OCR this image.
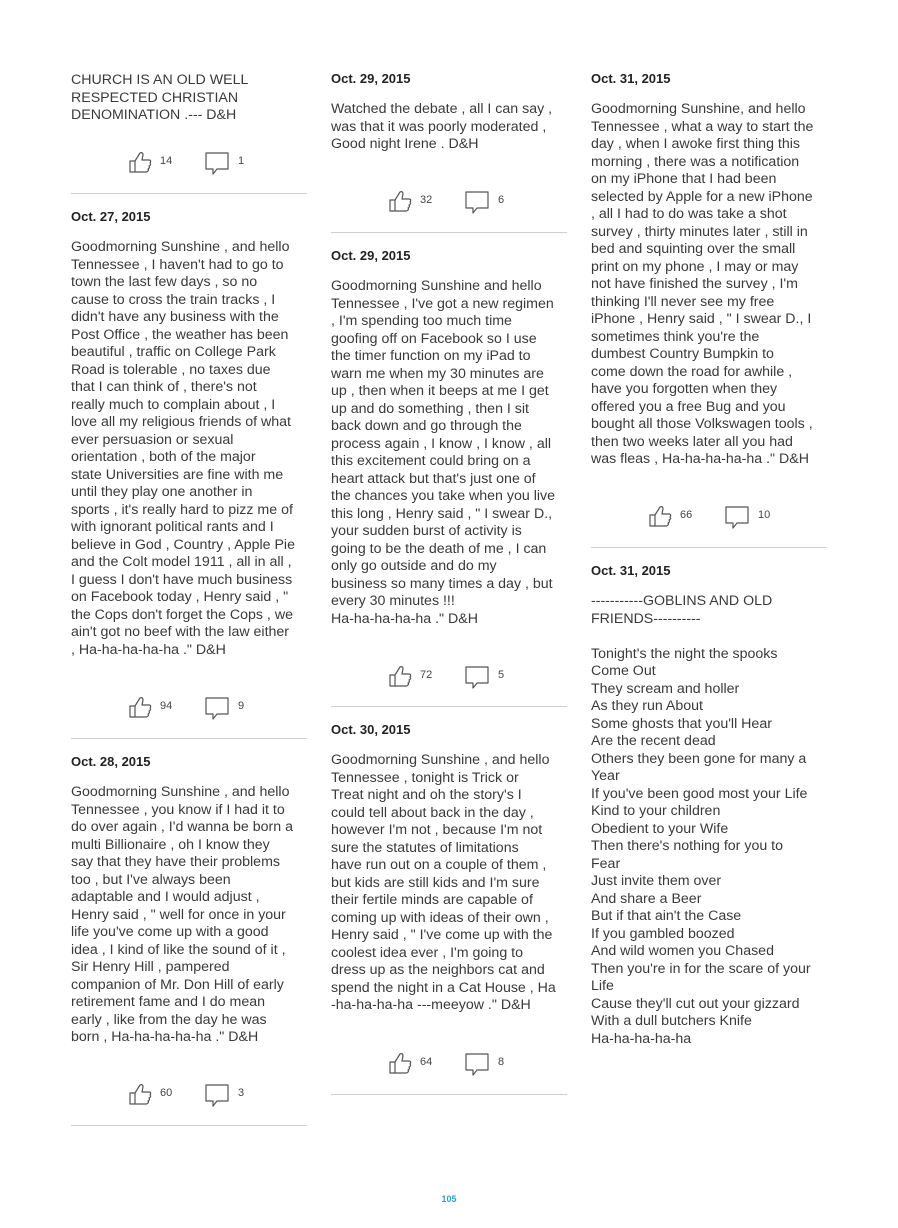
CHURCH IS AN OLD WELL
RESPECTED CHRISTIAN
DENOMINATION .--- D&H

14	1

Oct. 27, 2015

Goodmorning Sunshine , and hello
Tennessee , I haven't had to go to
town the last few days , so no
cause to cross the train tracks , I
didn't have any business with the
Post Office , the weather has been
beautiful , traffic on College Park
Road is tolerable , no taxes due
that I can think of , there's not
really much to complain about , I
love all my religious friends of what
ever persuasion or sexual
orientation , both of the major
state Universities are fine with me
until they play one another in
sports , it's really hard to pizz me of
with ignorant political rants and I
believe in God , Country , Apple Pie
and the Colt model 1911 , all in all ,
I guess I don't have much business
on Facebook today , Henry said , "
the Cops don't forget the Cops , we
ain't got no beef with the law either
, Ha-ha-ha-ha-ha ." D&H

94	9

Oct. 28, 2015

Goodmorning Sunshine , and hello
Tennessee , you know if I had it to
do over again , I'd wanna be born a
multi Billionaire , oh I know they
say that they have their problems
too , but I've always been
adaptable and I would adjust ,
Henry said , " well for once in your
life you've come up with a good
idea , I kind of like the sound of it ,
Sir Henry Hill , pampered
companion of Mr. Don Hill of early
retirement fame and I do mean
early , like from the day he was
born , Ha-ha-ha-ha-ha ." D&H

60	3

Oct. 29, 2015

Watched the debate , all I can say ,
was that it was poorly moderated ,
Good night Irene . D&H

32	6

Oct. 29, 2015

Goodmorning Sunshine and hello
Tennessee , I've got a new regimen
, I'm spending too much time
goofing off on Facebook so I use
the timer function on my iPad to
warn me when my 30 minutes are
up , then when it beeps at me I get
up and do something , then I sit
back down and go through the
process again , I know , I know , all
this excitement could bring on a
heart attack but that's just one of
the chances you take when you live
this long , Henry said , " I swear D.,
your sudden burst of activity is
going to be the death of me , I can
only go outside and do my
business so many times a day , but
every 30 minutes !!!
Ha-ha-ha-ha-ha ." D&H

72	5

Oct. 30, 2015

Goodmorning Sunshine , and hello
Tennessee , tonight is Trick or
Treat night and oh the story's I
could tell about back in the day ,
however I'm not , because I'm not
sure the statutes of limitations
have run out on a couple of them ,
but kids are still kids and I'm sure
their fertile minds are capable of
coming up with ideas of their own ,
Henry said , " I've come up with the
coolest idea ever , I'm going to
dress up as the neighbors cat and
spend the night in a Cat House , Ha
-ha-ha-ha-ha ---meeyow ." D&H

64	8

Oct. 31, 2015

Goodmorning Sunshine, and hello
Tennessee , what a way to start the
day , when I awoke first thing this
morning , there was a notification
on my iPhone that I had been
selected by Apple for a new iPhone
, all I had to do was take a shot
survey , thirty minutes later , still in
bed and squinting over the small
print on my phone , I may or may
not have finished the survey , I'm
thinking I'll never see my free
iPhone , Henry said , " I swear D., I
sometimes think you're the
dumbest Country Bumpkin to
come down the road for awhile ,
have you forgotten when they
offered you a free Bug and you
bought all those Volkswagen tools ,
then two weeks later all you had
was fleas , Ha-ha-ha-ha-ha ." D&H

66	10

Oct. 31, 2015

-----------GOBLINS AND OLD
FRIENDS----------

Tonight's the night the spooks
Come Out
They scream and holler
As they run About
Some ghosts that you'll Hear
Are the recent dead
Others they been gone for many a
Year
If you've been good most your Life
Kind to your children
Obedient to your Wife
Then there's nothing for you to
Fear
Just invite them over
And share a Beer
But if that ain't the Case
If you gambled boozed
And wild women you Chased
Then you're in for the scare of your
Life
Cause they'll cut out your gizzard
With a dull butchers Knife
Ha-ha-ha-ha-ha

105
